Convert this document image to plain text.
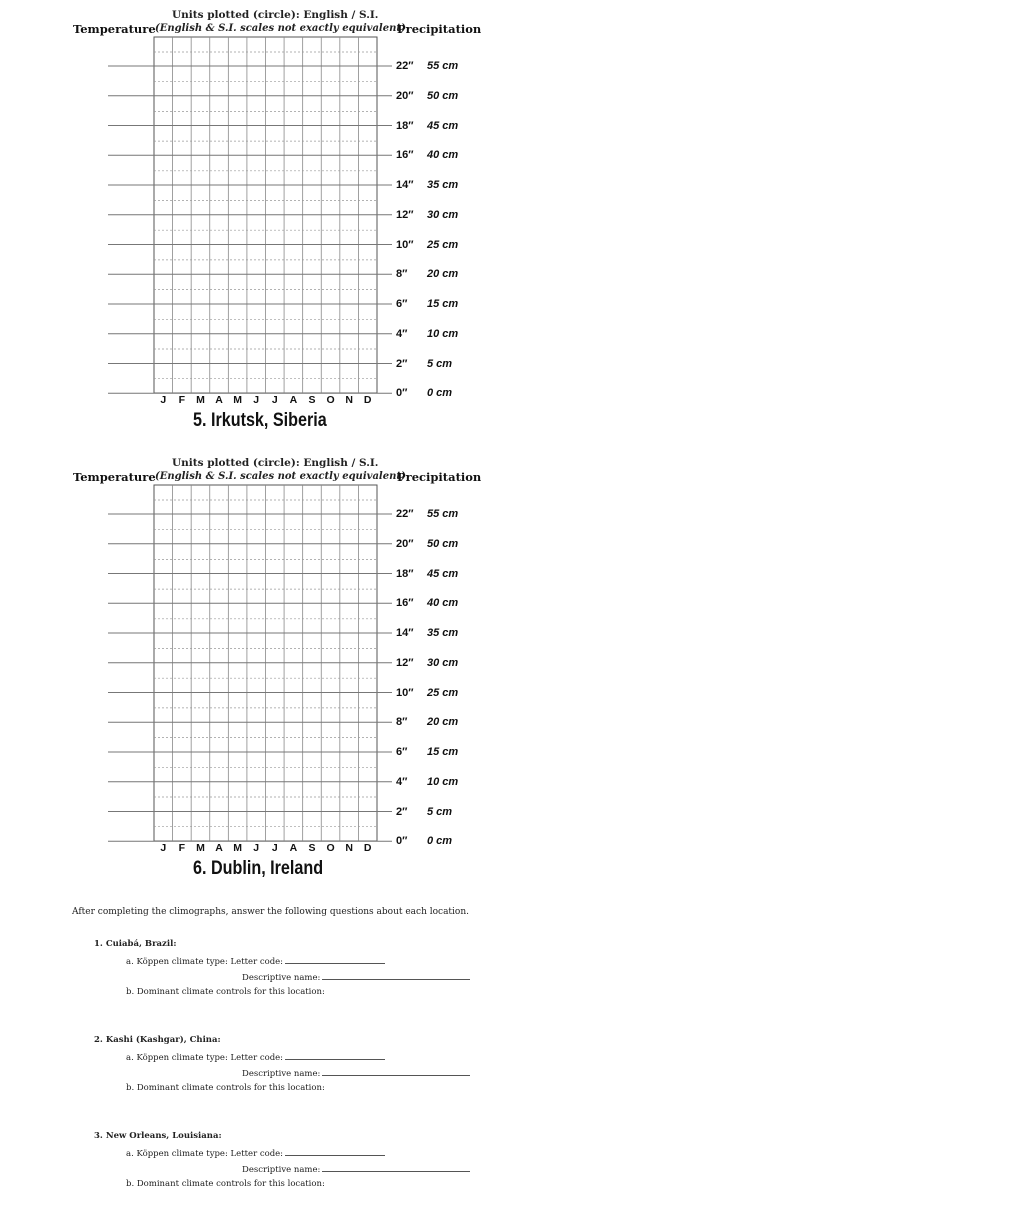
Units plotted (circle): English / S.I.
Temperature (English & S.I. scales not exactly equivalent)
Precipitation
22″
20″
18″
16″
14″
12″
10″
8″
6″
4″
2″
0″
55 cm
50 cm
45 cm
40 cm
35 cm
30 cm
25 cm
20 cm
15 cm
10 cm
5 cm
0 cm
J F M A M J J A S O N D
5. Irkutsk, Siberia
Units plotted (circle): English / S.I.
Temperature (English & S.I. scales not exactly equivalent)
Precipitation
22″
20″
18″
16″
14″
12″
10″
8″
6″
4″
2″
0″
55 cm
50 cm
45 cm
40 cm
35 cm
30 cm
25 cm
20 cm
15 cm
10 cm
5 cm
0 cm
J F M A M J J A S O N D
6. Dublin, Ireland
After completing the climographs, answer the following questions about each location.
1. Cuiabá, Brazil:
a. Köppen climate type: Letter code:
Descriptive name:
b. Dominant climate controls for this location:
2. Kashi (Kashgar), China:
a. Köppen climate type: Letter code:
Descriptive name:
b. Dominant climate controls for this location:
3. New Orleans, Louisiana:
a. Köppen climate type: Letter code:
Descriptive name:
b. Dominant climate controls for this location:
